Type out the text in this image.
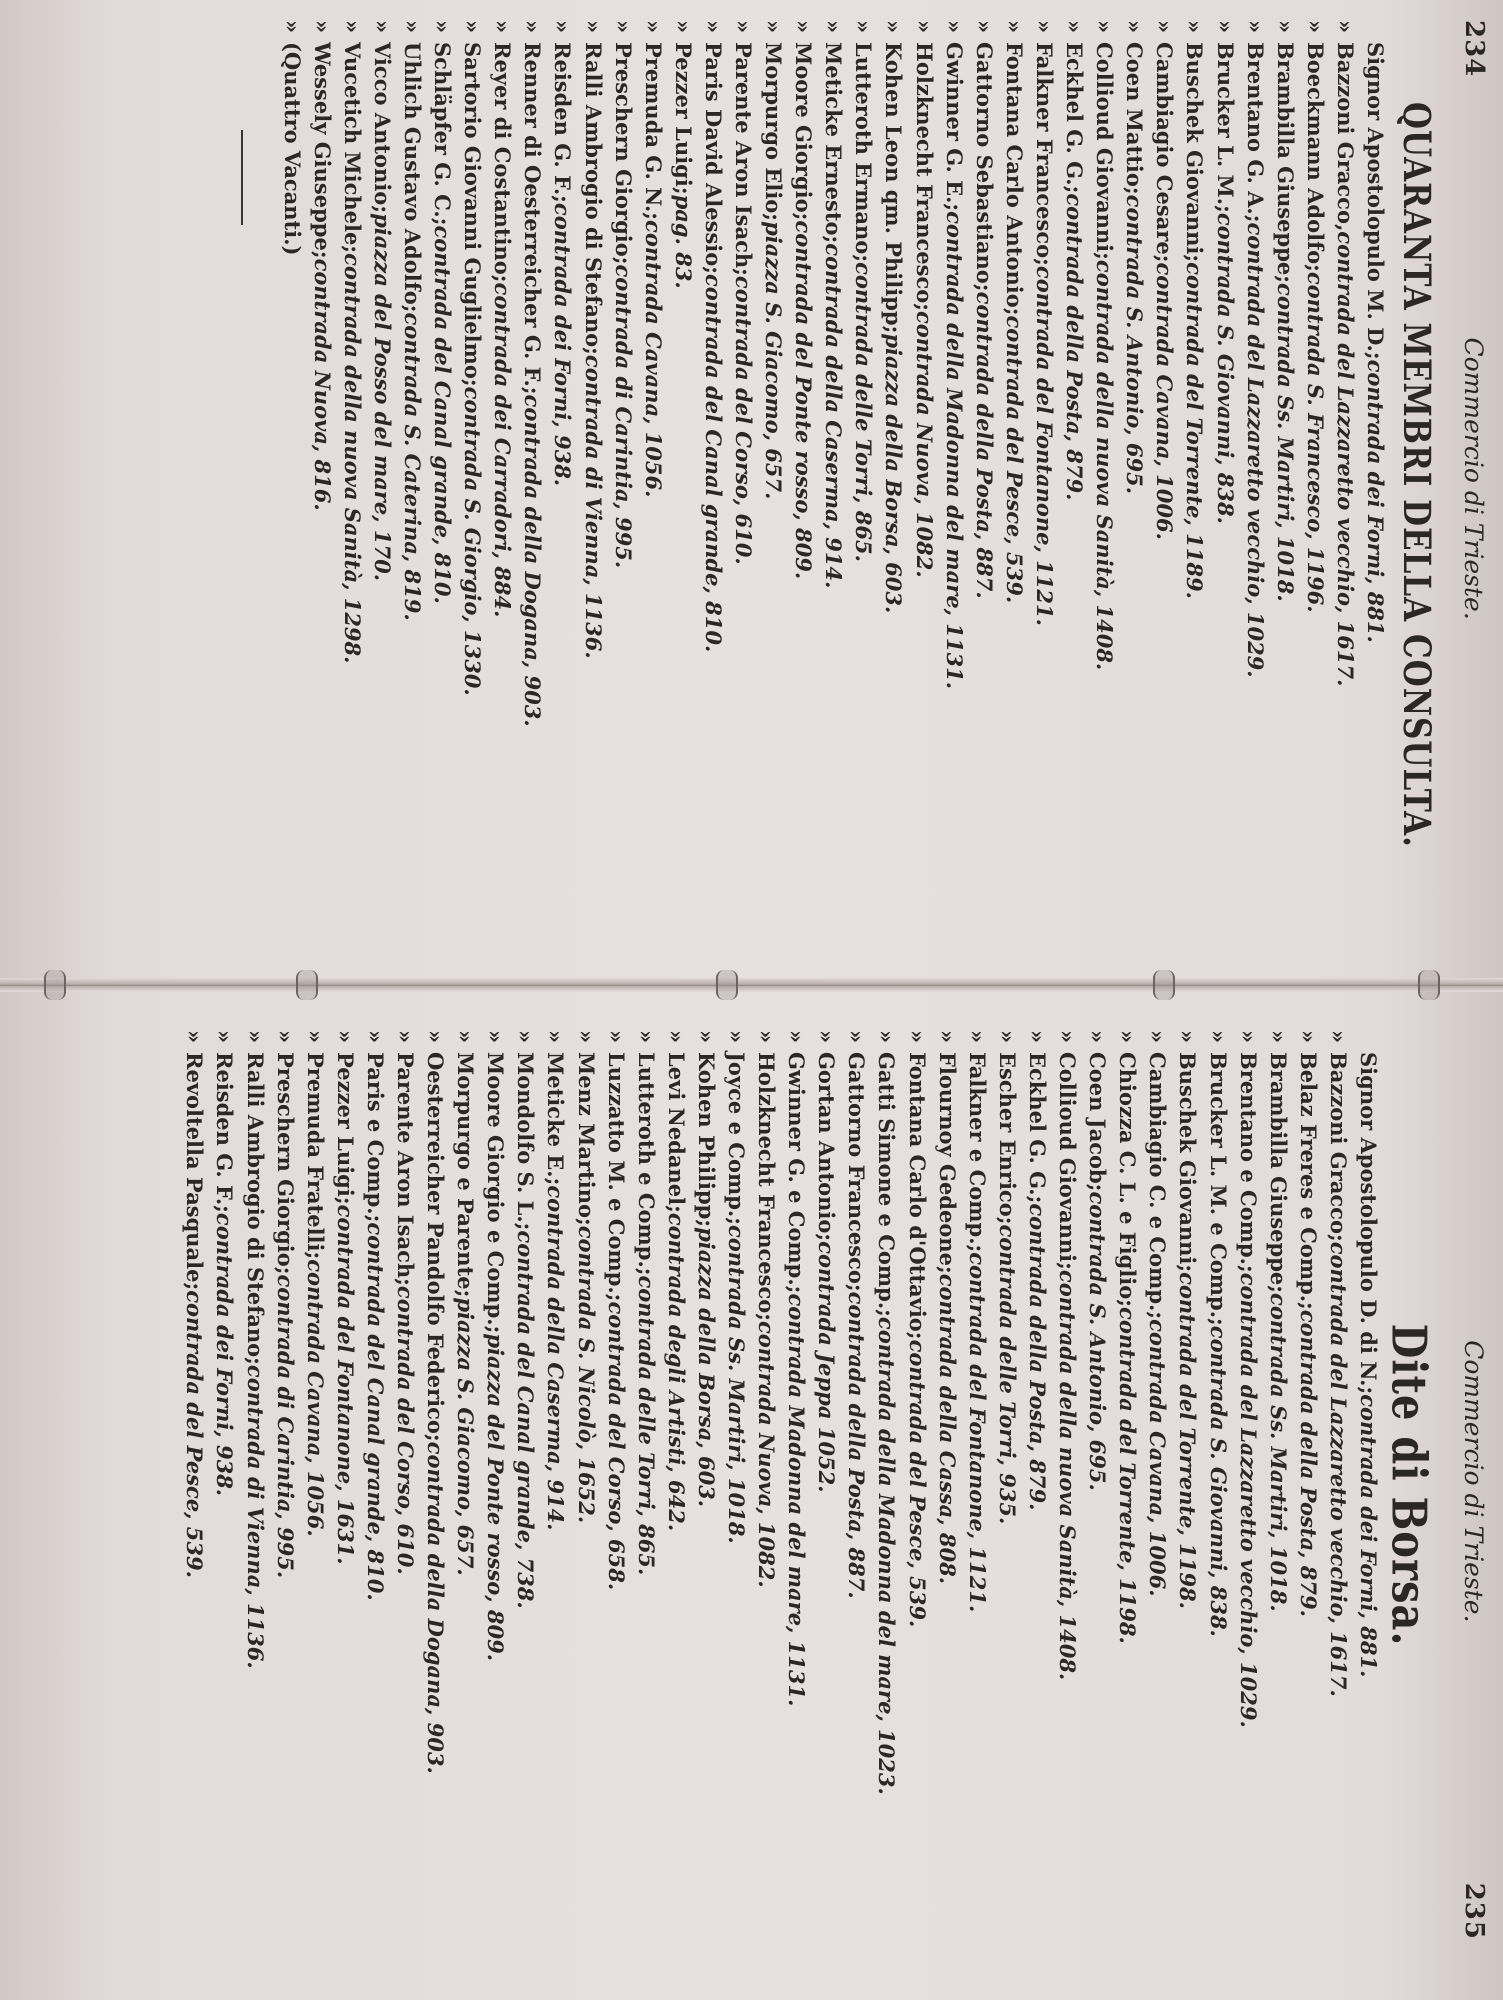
234
Commercio di Trieste.
QUARANTA MEMBRI DELLA CONSULTA.
Signor Apostolopulo M. D.;
contrada dei Forni, 881.
»
Bazzoni Gracco,
contrada del Lazzaretto vecchio, 1617.
»
Boeckmann Adolfo;
contrada S. Francesco, 1196.
»
Brambilla Giuseppe;
contrada Ss. Martiri, 1018.
»
Brentano G. A.;
contrada del Lazzaretto vecchio, 1029.
»
Brucker L. M.;
contrada S. Giovanni, 838.
»
Buschek Giovanni;
contrada del Torrente, 1189.
»
Cambiagio Cesare;
contrada Cavana, 1006.
»
Coen Mattio;
contrada S. Antonio, 695.
»
Collioud Giovanni;
contrada della nuova Sanità, 1408.
»
Eckhel G. G.;
contrada della Posta, 879.
»
Falkner Francesco;
contrada del Fontanone, 1121.
»
Fontana Carlo Antonio;
contrada del Pesce, 539.
»
Gattorno Sebastiano;
contrada della Posta, 887.
»
Gwinner G. E.;
contrada della Madonna del mare, 1131.
»
Holzknecht Francesco;
contrada Nuova, 1082.
»
Kohen Leon qm. Philipp;
piazza della Borsa, 603.
»
Lutteroth Ermano;
contrada delle Torri, 865.
»
Meticke Ernesto;
contrada della Caserma, 914.
»
Moore Giorgio;
contrada del Ponte rosso, 809.
»
Morpurgo Elio;
piazza S. Giacomo, 657.
»
Parente Aron Isach;
contrada del Corso, 610.
»
Paris David Alessio;
contrada del Canal grande, 810.
»
Pezzer Luigi;
pag. 83.
»
Premuda G. N.;
contrada Cavana, 1056.
»
Preschern Giorgio;
contrada di Carintia, 995.
»
Ralli Ambrogio di Stefano;
contrada di Vienna, 1136.
»
Reisden G. F.;
contrada dei Forni, 938.
»
Renner di Oesterreicher G. F.;
contrada della Dogana, 903.
»
Reyer di Costantino;
contrada dei Carradori, 884.
»
Sartorio Giovanni Guglielmo;
contrada S. Giorgio, 1330.
»
Schläpfer G. C.;
contrada del Canal grande, 810.
»
Uhlich Gustavo Adolfo;
contrada S. Caterina, 819.
»
Vicco Antonio;
piazza del Posso del mare, 170.
»
Vucetich Michele;
contrada della nuova Sanità, 1298.
»
Wessely Giuseppe;
contrada Nuova, 816.
»
(Quattro Vacanti.)
Commercio di Trieste.
235
Dite di Borsa.
Signor Apostolopulo D. di N.;
contrada dei Forni, 881.
»
Bazzoni Gracco;
contrada del Lazzaretto vecchio, 1617.
»
Belaz Freres e Comp.;
contrada della Posta, 879.
»
Brambilla Giuseppe;
contrada Ss. Martiri, 1018.
»
Brentano e Comp.;
contrada del Lazzaretto vecchio, 1029.
»
Brucker L. M. e Comp.;
contrada S. Giovanni, 838.
»
Buschek Giovanni;
contrada del Torrente, 1198.
»
Cambiagio C. e Comp.;
contrada Cavana, 1006.
»
Chiozza C. L. e Figlio;
contrada del Torrente, 1198.
»
Coen Jacob;
contrada S. Antonio, 695.
»
Collioud Giovanni;
contrada della nuova Sanità, 1408.
»
Eckhel G. G.;
contrada della Posta, 879.
»
Escher Enrico;
contrada delle Torri, 935.
»
Falkner e Comp.;
contrada del Fontanone, 1121.
»
Flournoy Gedeone;
contrada della Cassa, 808.
»
Fontana Carlo d'Ottavio;
contrada del Pesce, 539.
»
Gatti Simone e Comp.;
contrada della Madonna del mare, 1023.
»
Gattorno Francesco;
contrada della Posta, 887.
»
Gortan Antonio;
contrada Jeppa 1052.
»
Gwinner G. e Comp.;
contrada Madonna del mare, 1131.
»
Holzknecht Francesco;
contrada Nuova, 1082.
»
Joyce e Comp.;
contrada Ss. Martiri, 1018.
»
Kohen Philipp;
piazza della Borsa, 603.
»
Levi Nedanel;
contrada degli Artisti, 642.
»
Lutteroth e Comp.;
contrada delle Torri, 865.
»
Luzzatto M. e Comp.;
contrada del Corso, 658.
»
Menz Martino;
contrada S. Nicolò, 1652.
»
Meticke E.;
contrada della Caserma, 914.
»
Mondolfo S. L.;
contrada del Canal grande, 738.
»
Moore Giorgio e Comp.;
piazza del Ponte rosso, 809.
»
Morpurgo e Parente;
piazza S. Giacomo, 657.
»
Oesterreicher Pandolfo Federico;
contrada della Dogana, 903.
»
Parente Aron Isach;
contrada del Corso, 610.
»
Paris e Comp.;
contrada del Canal grande, 810.
»
Pezzer Luigi;
contrada del Fontanone, 1631.
»
Premuda Fratelli;
contrada Cavana, 1056.
»
Preschern Giorgio;
contrada di Carintia, 995.
»
Ralli Ambrogio di Stefano;
contrada di Vienna, 1136.
»
Reisden G. F.;
contrada dei Forni, 938.
»
Revoltella Pasquale;
contrada del Pesce, 539.
